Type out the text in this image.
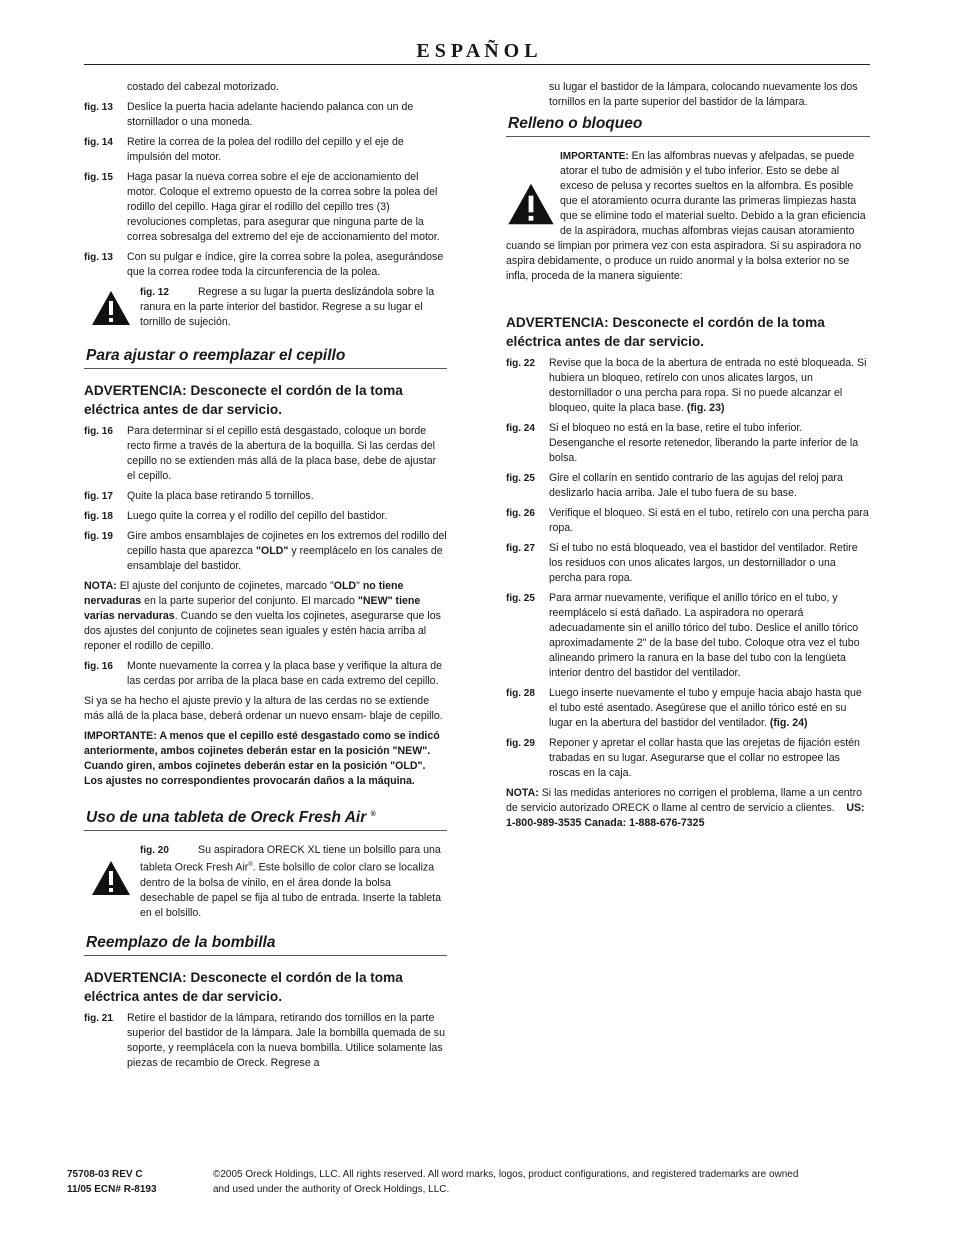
E S P A Ñ O L
costado del cabezal motorizado.
fig. 13	Deslice la puerta hacia adelante haciendo palanca con un de stornillador o una moneda.
fig. 14	Retire la correa de la polea del rodillo del cepillo y el eje de impulsión del motor.
fig. 15	Haga pasar la nueva correa sobre el eje de accionamiento del motor. Coloque el extremo opuesto de la correa sobre la polea del rodillo del cepillo. Haga girar el rodillo del cepillo tres (3) revoluciones completas, para asegurar que ninguna parte de la correa sobresalga del extremo del eje de accionamiento del motor.
fig. 13	Con su pulgar e índice, gire la correa sobre la polea, asegurándose que la correa rodee toda la circunferencia de la polea.
fig. 12	Regrese a su lugar la puerta deslizándola sobre la ranura en la parte interior del bastidor. Regrese a su lugar el tornillo de sujeción.
Para ajustar o reemplazar el cepillo
ADVERTENCIA: Desconecte el cordón de la toma eléctrica antes de dar servicio.
fig. 16	Para determinar si el cepillo está desgastado, coloque un borde recto firme a través de la abertura de la boquilla. Si las cerdas del cepillo no se extienden más allá de la placa base, debe de ajustar el cepillo.
fig. 17	Quite la placa base retirando 5 tornillos.
fig. 18	Luego quite la correa y el rodillo del cepillo del bastidor.
fig. 19	Gire ambos ensamblajes de cojinetes en los extremos del rodillo del cepillo hasta que aparezca "OLD" y reemplácelo en los canales de ensamblaje del bastidor.
NOTA: El ajuste del conjunto de cojinetes, marcado "OLD" no tiene nervaduras en la parte superior del conjunto. El marcado "NEW" tiene varias nervaduras. Cuando se den vuelta los cojinetes, asegurarse que los dos ajustes del conjunto de cojinetes sean iguales y estén hacia arriba al reponer el rodillo de cepillo.
fig. 16	Monte nuevamente la correa y la placa base y verifique la altura de las cerdas por arriba de la placa base en cada extremo del cepillo.
Si ya se ha hecho el ajuste previo y la altura de las cerdas no se extiende más allá de la placa base, deberá ordenar un nuevo ensam- blaje de cepillo.
IMPORTANTE: A menos que el cepillo esté desgastado como se indicó anteriormente, ambos cojinetes deberán estar en la posición "NEW". Cuando giren, ambos cojinetes deberán estar en la posición "OLD". Los ajustes no correspondientes provocarán daños a la máquina.
Uso de una tableta de Oreck Fresh Air ®
fig. 20	Su aspiradora ORECK XL tiene un bolsillo para una tableta Oreck Fresh Air®. Este bolsillo de color claro se localiza dentro de la bolsa de vinilo, en el área donde la bolsa desechable de papel se fija al tubo de entrada. Inserte la tableta en el bolsillo.
Reemplazo de la bombilla
ADVERTENCIA: Desconecte el cordón de la toma eléctrica antes de dar servicio.
fig. 21	Retire el bastidor de la lámpara, retirando dos tornillos en la parte superior del bastidor de la lámpara. Jale la bombilla quemada de su soporte, y reemplácela con la nueva bombilla. Utilice solamente las piezas de recambio de Oreck. Regrese a
su lugar el bastidor de la lámpara, colocando nuevamente los dos tornillos en la parte superior del bastidor de la lámpara.
Relleno o bloqueo
IMPORTANTE: En las alfombras nuevas y afelpadas, se puede atorar el tubo de admisión y el tubo inferior. Esto se debe al exceso de pelusa y recortes sueltos en la alfombra. Es posible que el atoramiento ocurra durante las primeras limpiezas hasta que se elimine todo el material suelto. Debido a la gran eficiencia de la aspiradora, muchas alfombras viejas causan atoramiento cuando se limpian por primera vez con esta aspiradora. Si su aspiradora no aspira debidamente, o produce un ruido anormal y la bolsa exterior no se infla, proceda de la manera siguiente:
ADVERTENCIA: Desconecte el cordón de la toma eléctrica antes de dar servicio.
fig. 22	Revise que la boca de la abertura de entrada no esté bloqueada. Si hubiera un bloqueo, retírelo con unos alicates largos, un destornillador o una percha para ropa. Si no puede alcanzar el bloqueo, quite la placa base. (fig. 23)
fig. 24	Si el bloqueo no está en la base, retire el tubo inferior. Desenganche el resorte retenedor, liberando la parte inferior de la bolsa.
fig. 25	Gire el collarín en sentido contrario de las agujas del reloj para deslizarlo hacia arriba. Jale el tubo fuera de su base.
fig. 26	Verifique el bloqueo. Si está en el tubo, retírelo con una percha para ropa.
fig. 27	Si el tubo no está bloqueado, vea el bastidor del ventilador. Retire los residuos con unos alicates largos, un destornillador o una percha para ropa.
fig. 25	Para armar nuevamente, verifique el anillo tórico en el tubo, y reemplácelo si está dañado. La aspiradora no operará adecuadamente sin el anillo tórico del tubo. Deslice el anillo tórico aproximadamente 2" de la base del tubo. Coloque otra vez el tubo alineando primero la ranura en la base del tubo con la lengüeta interior dentro del bastidor del ventilador.
fig. 28	Luego inserte nuevamente el tubo y empuje hacia abajo hasta que el tubo esté asentado. Asegúrese que el anillo tórico esté en su lugar en la abertura del bastidor del ventilador. (fig. 24)
fig. 29	Reponer y apretar el collar hasta que las orejetas de fijación estén trabadas en su lugar. Asegurarse que el collar no estropee las roscas en la caja.
NOTA: Si las medidas anteriores no corrigen el problema, llame a un centro de servicio autorizado ORECK o llame al centro de servicio a clientes. US: 1-800-989-3535 Canada: 1-888-676-7325
75708-03 REV C
11/05 ECN# R-8193
©2005 Oreck Holdings, LLC. All rights reserved. All word marks, logos, product configurations, and registered trademarks are owned
and used under the authority of Oreck Holdings, LLC.
